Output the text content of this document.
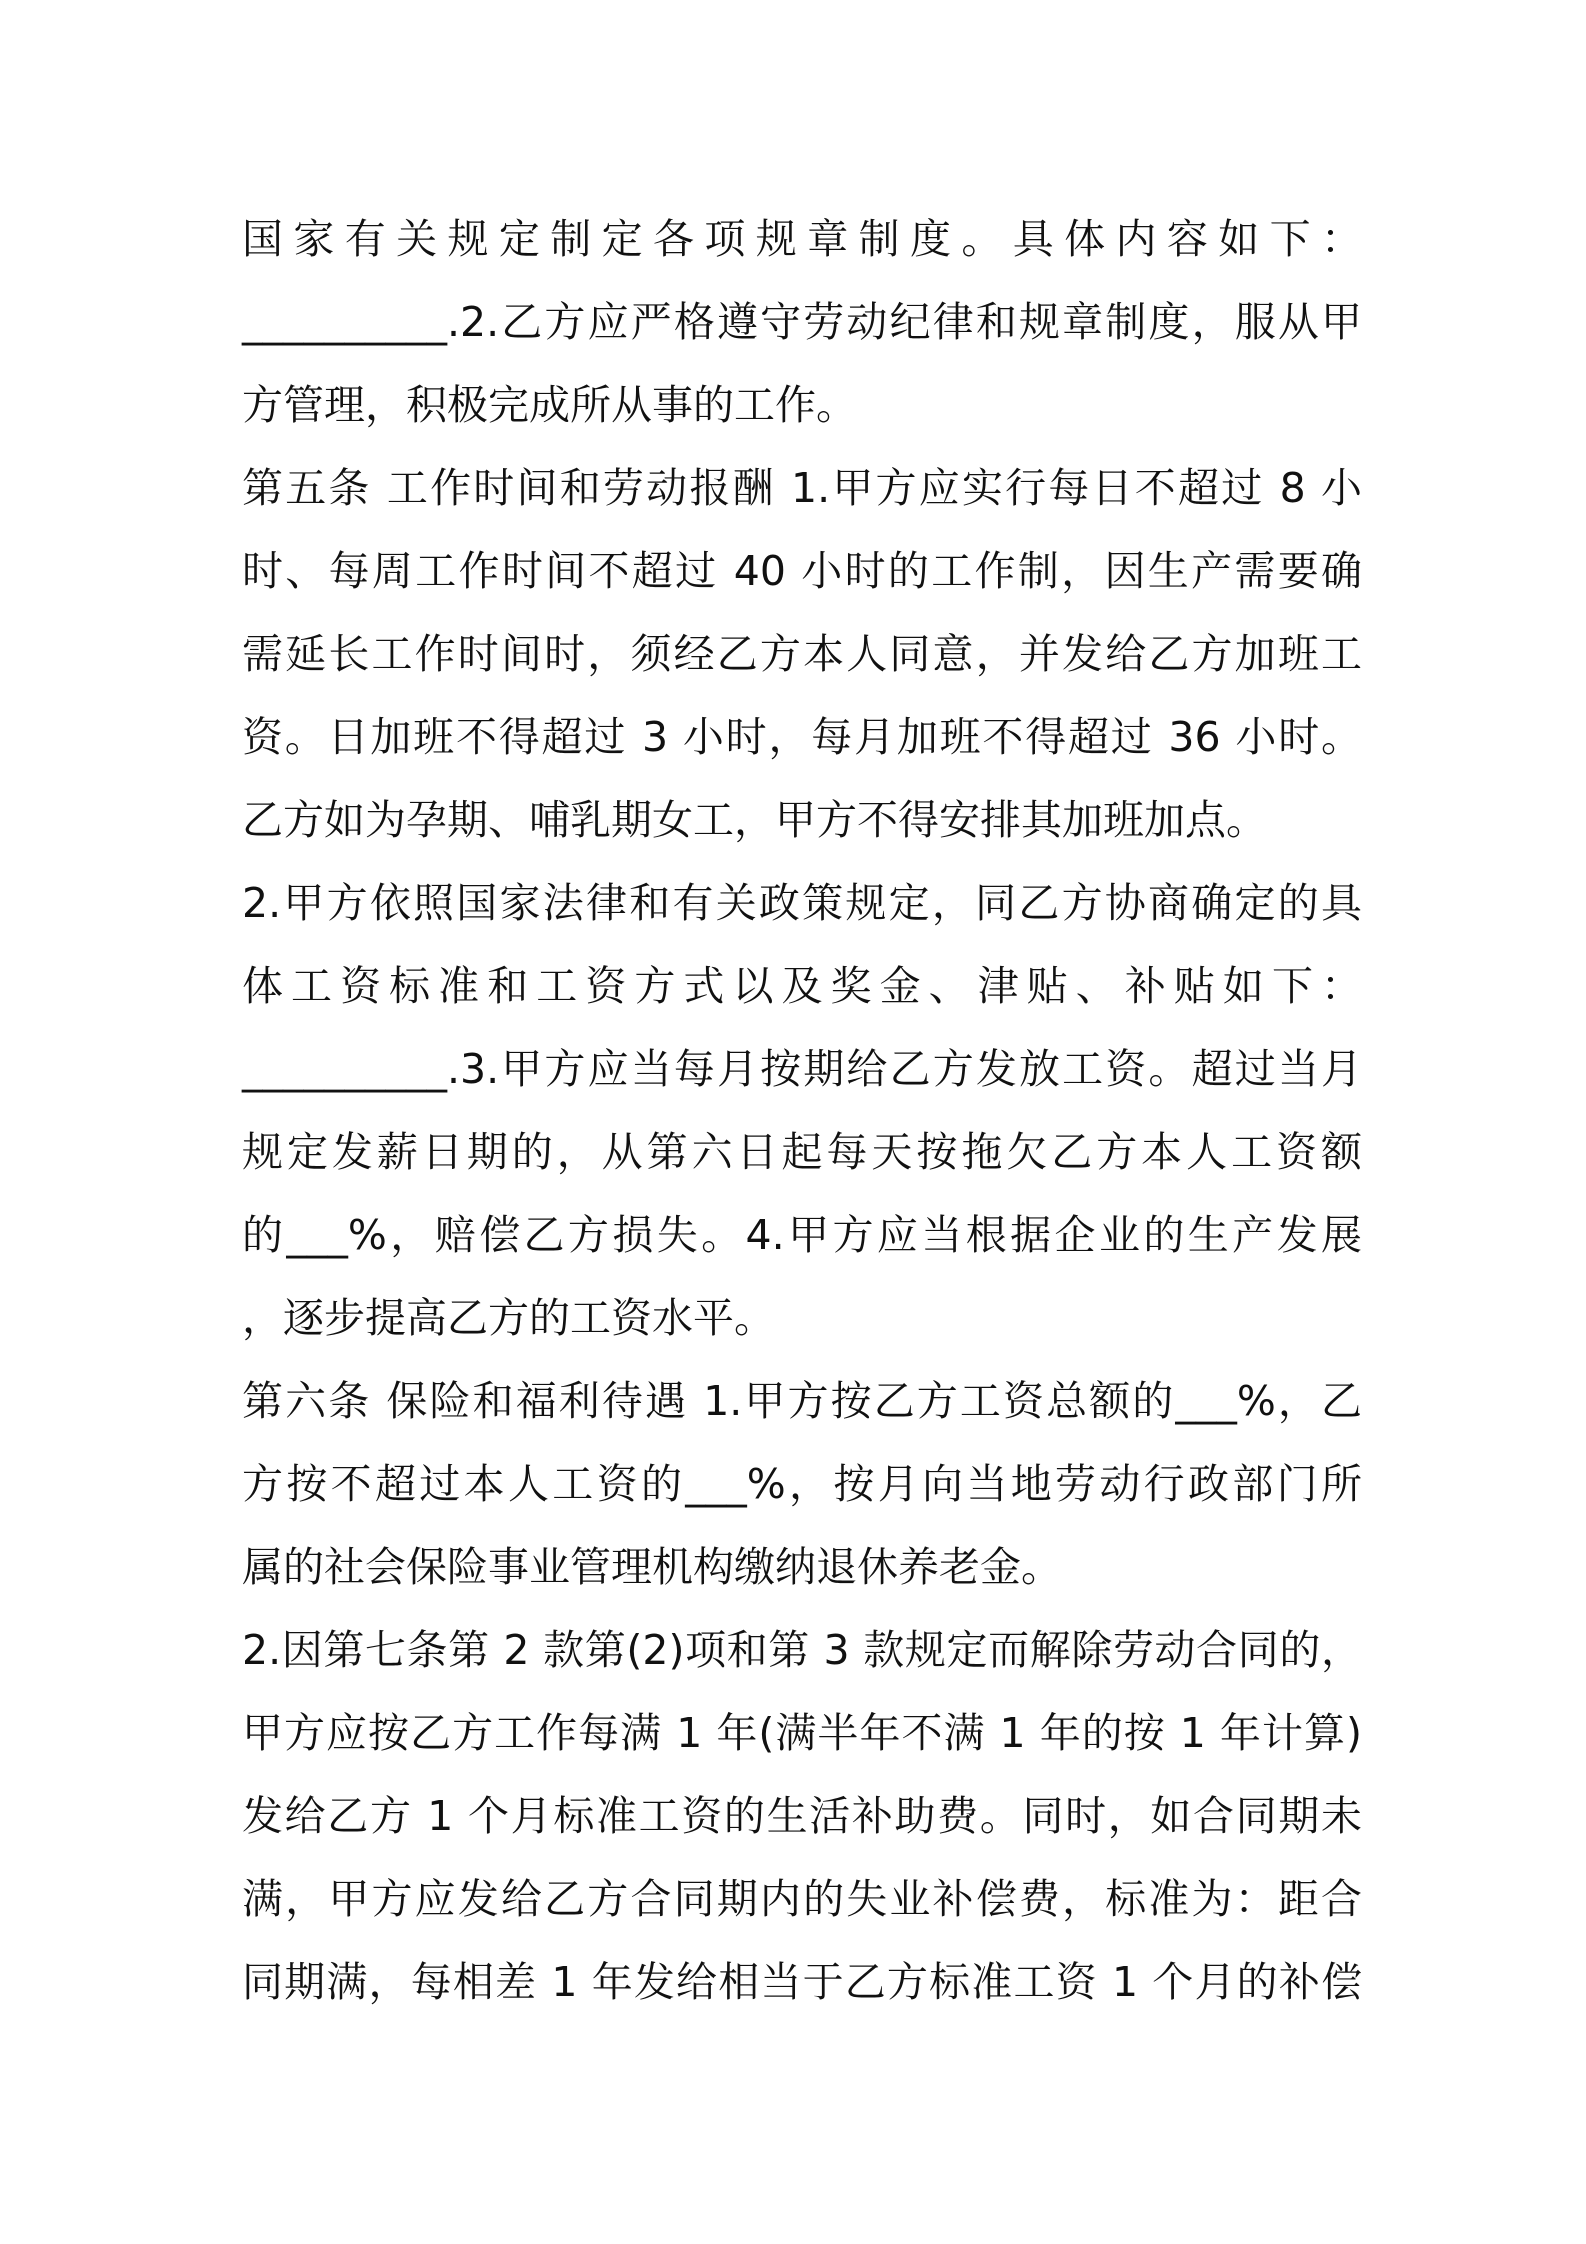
国家有关规定制定各项规章制度。具体内容如下：
__________.2.乙方应严格遵守劳动纪律和规章制度，服从甲
方管理，积极完成所从事的工作。
第五条 工作时间和劳动报酬 1.甲方应实行每日不超过 8 小
时、每周工作时间不超过 40 小时的工作制，因生产需要确
需延长工作时间时，须经乙方本人同意，并发给乙方加班工
资。日加班不得超过 3 小时，每月加班不得超过 36 小时。
乙方如为孕期、哺乳期女工，甲方不得安排其加班加点。
2.甲方依照国家法律和有关政策规定，同乙方协商确定的具
体工资标准和工资方式以及奖金、津贴、补贴如下：
__________.3.甲方应当每月按期给乙方发放工资。超过当月
规定发薪日期的，从第六日起每天按拖欠乙方本人工资额
的___%，赔偿乙方损失。4.甲方应当根据企业的生产发展
，逐步提高乙方的工资水平。
第六条 保险和福利待遇 1.甲方按乙方工资总额的___%，乙
方按不超过本人工资的___%，按月向当地劳动行政部门所
属的社会保险事业管理机构缴纳退休养老金。
2.因第七条第 2 款第(2)项和第 3 款规定而解除劳动合同的，
甲方应按乙方工作每满 1 年(满半年不满 1 年的按 1 年计算)
发给乙方 1 个月标准工资的生活补助费。同时，如合同期未
满，甲方应发给乙方合同期内的失业补偿费，标准为：距合
同期满，每相差 1 年发给相当于乙方标准工资 1 个月的补偿
